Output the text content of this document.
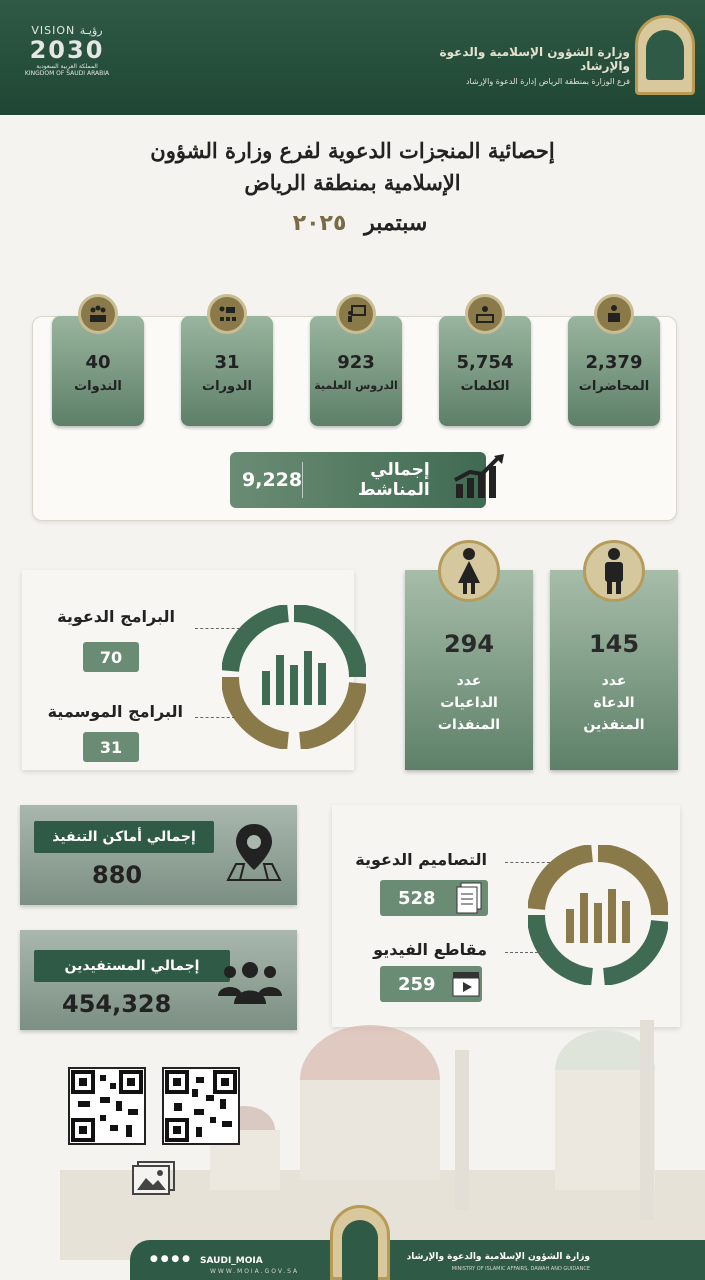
VISION رؤيـة
2030
المملكة العربية السعودية
KINGDOM OF SAUDI ARABIA
وزارة الشؤون الإسلامية والدعوة والإرشاد
فرع الوزارة بمنطقة الرياض إدارة الدعوة والإرشاد
إحصائية المنجزات الدعوية لفرع وزارة الشؤون
الإسلامية بمنطقة الرياض
سبتمبر ٢٠٢٥
2,379
المحاضرات
5,754
الكلمات
923
الدروس العلمية
31
الدورات
40
الندوات
9,228	إجمالي المناشط
البرامج الدعوية
70
البرامج الموسمية
31
145
عدد
الدعاة
المنفذين
294
عدد
الداعيات
المنفذات
إجمالي أماكن التنفيذ
880
إجمالي المستفيدين
454,328
التصاميم الدعوية
528
مقاطع الفيديو
259
● ● ● ● SAUDI_MOIA
WWW.MOIA.GOV.SA
وزارة الشؤون الإسلامية والدعوة والإرشاد
MINISTRY OF ISLAMIC AFFAIRS, DAWAH AND GUIDANCE
